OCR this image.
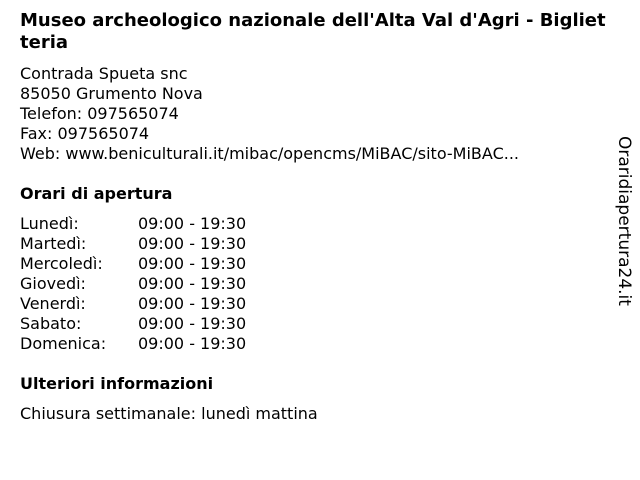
Museo archeologico nazionale dell'Alta Val d'Agri - Biglietteria
Contrada Spueta snc
85050 Grumento Nova
Telefon: 097565074
Fax: 097565074
Web: www.beniculturali.it/mibac/opencms/MiBAC/sito-MiBAC...
Orari di apertura
Lunedì:	09:00 - 19:30
Martedì:	09:00 - 19:30
Mercoledì:	09:00 - 19:30
Giovedì:	09:00 - 19:30
Venerdì:	09:00 - 19:30
Sabato:	09:00 - 19:30
Domenica:	09:00 - 19:30
Ulteriori informazioni
Chiusura settimanale: lunedì mattina
Oraridiapertura24.it
